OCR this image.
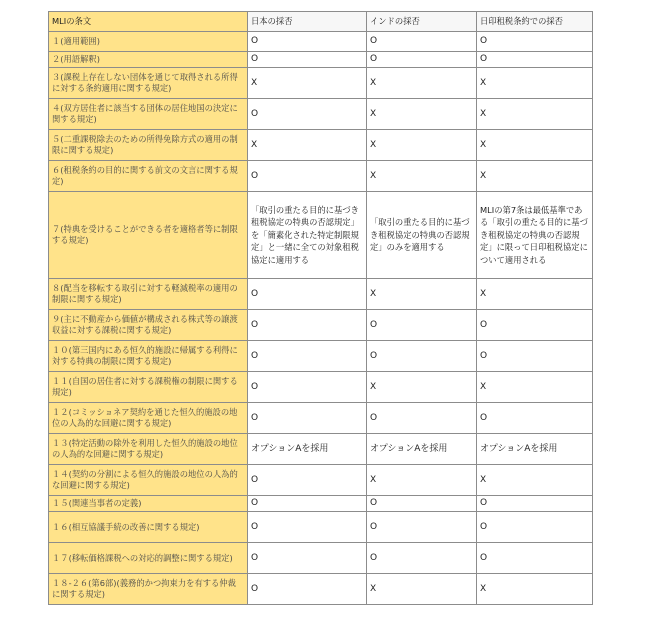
MLIの条文	日本の採否	インドの採否	日印租税条約での採否
１(適用範囲)	O	O	O
２(用語解釈)	O	O	O
３(課税上存在しない団体を通じて取得される所得に対する条約適用に関する規定)	X	X	X
４(双方居住者に該当する団体の居住地国の決定に関する規定)	O	X	X
５(二重課税除去のための所得免除方式の適用の制限に関する規定)	X	X	X
６(租税条約の目的に関する前文の文言に関する規定)	O	X	X
７(特典を受けることができる者を適格者等に制限する規定)	「取引の重たる目的に基づき租税協定の特典の否認規定」を「簡素化された特定制限規定」と一緒に全ての対象租税協定に適用する	「取引の重たる目的に基づき租税協定の特典の否認規定」のみを適用する	MLIの第7条は最低基準である「取引の重たる目的に基づき租税協定の特典の否認規定」に限って日印租税協定について適用される
８(配当を移転する取引に対する軽減税率の適用の制限に関する規定)	O	X	X
９(主に不動産から価値が構成される株式等の譲渡収益に対する課税に関する規定)	O	O	O
１０(第三国内にある恒久的施設に帰属する利得に対する特典の制限に関する規定)	O	O	O
１１(自国の居住者に対する課税権の制限に関する規定)	O	X	X
１２(コミッショネア契約を通じた恒久的施設の地位の人為的な回避に関する規定)	O	O	O
１３(特定活動の除外を利用した恒久的施設の地位の人為的な回避に関する規定)	オプションAを採用	オプションAを採用	オプションAを採用
１４(契約の分割による恒久的施設の地位の人為的な回避に関する規定)	O	X	X
１５(関連当事者の定義)	O	O	O
１６(相互協議手続の改善に関する規定)	O	O	O
１７(移転価格課税への対応的調整に関する規定)	O	O	O
１８-２６(第6部)(義務的かつ拘束力を有する仲裁に関する規定)	O	X	X
